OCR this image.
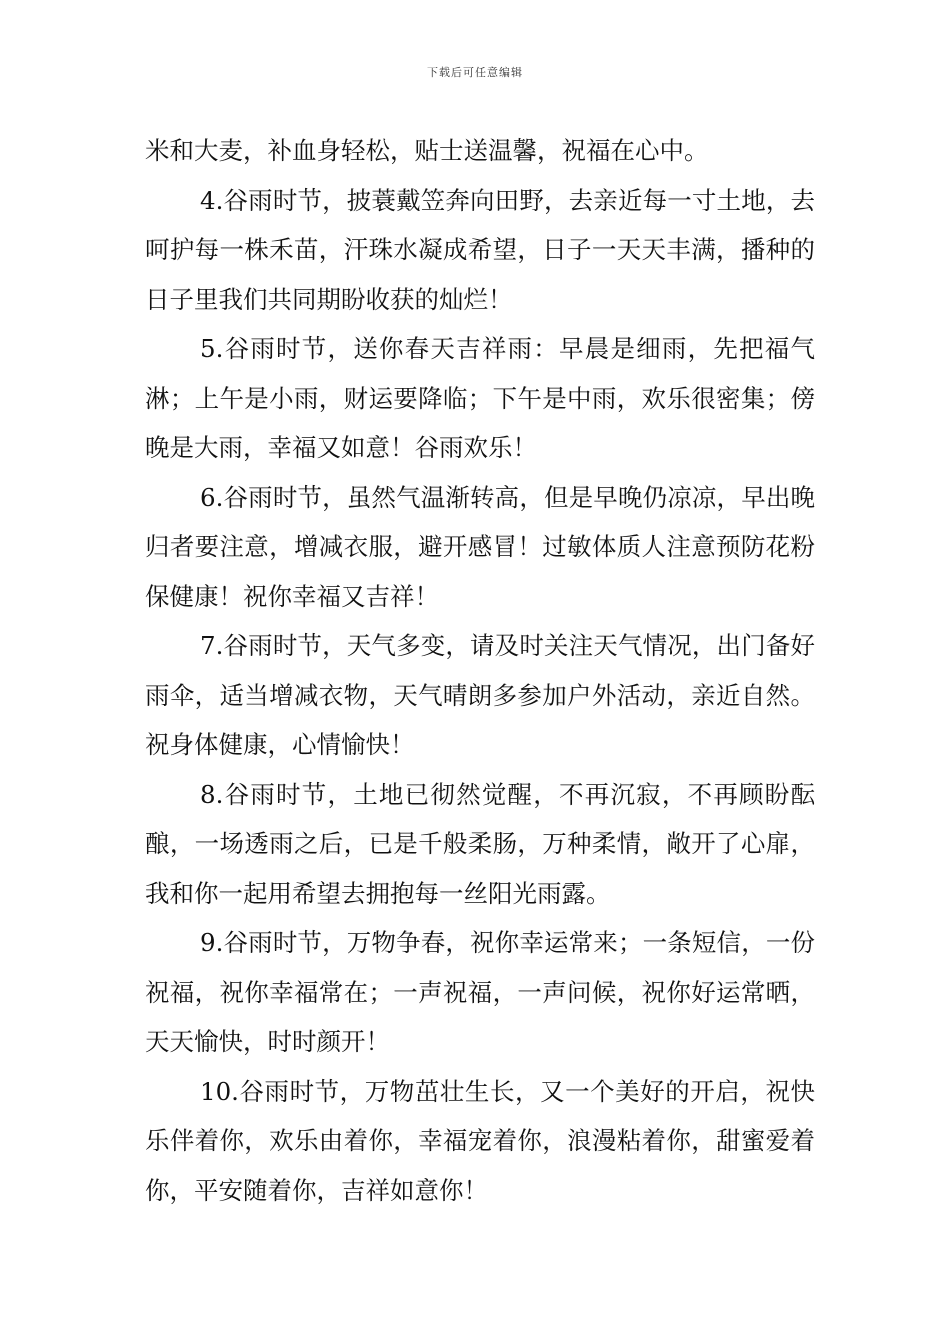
下载后可任意编辑

米和大麦，补血身轻松，贴士送温馨，祝福在心中。

4.谷雨时节，披蓑戴笠奔向田野，去亲近每一寸土地，去呵护每一株禾苗，汗珠水凝成希望，日子一天天丰满，播种的日子里我们共同期盼收获的灿烂！

5.谷雨时节，送你春天吉祥雨：早晨是细雨，先把福气淋；上午是小雨，财运要降临；下午是中雨，欢乐很密集；傍晚是大雨，幸福又如意！谷雨欢乐！

6.谷雨时节，虽然气温渐转高，但是早晚仍凉凉，早出晚归者要注意，增减衣服，避开感冒！过敏体质人注意预防花粉保健康！祝你幸福又吉祥！

7.谷雨时节，天气多变，请及时关注天气情况，出门备好雨伞，适当增减衣物，天气晴朗多参加户外活动，亲近自然。祝身体健康，心情愉快！

8.谷雨时节，土地已彻然觉醒，不再沉寂，不再顾盼酝酿，一场透雨之后，已是千般柔肠，万种柔情，敞开了心扉，我和你一起用希望去拥抱每一丝阳光雨露。

9.谷雨时节，万物争春，祝你幸运常来；一条短信，一份祝福，祝你幸福常在；一声祝福，一声问候，祝你好运常晒，天天愉快，时时颜开！

10.谷雨时节，万物茁壮生长，又一个美好的开启，祝快乐伴着你，欢乐由着你，幸福宠着你，浪漫粘着你，甜蜜爱着你，平安随着你，吉祥如意你！
